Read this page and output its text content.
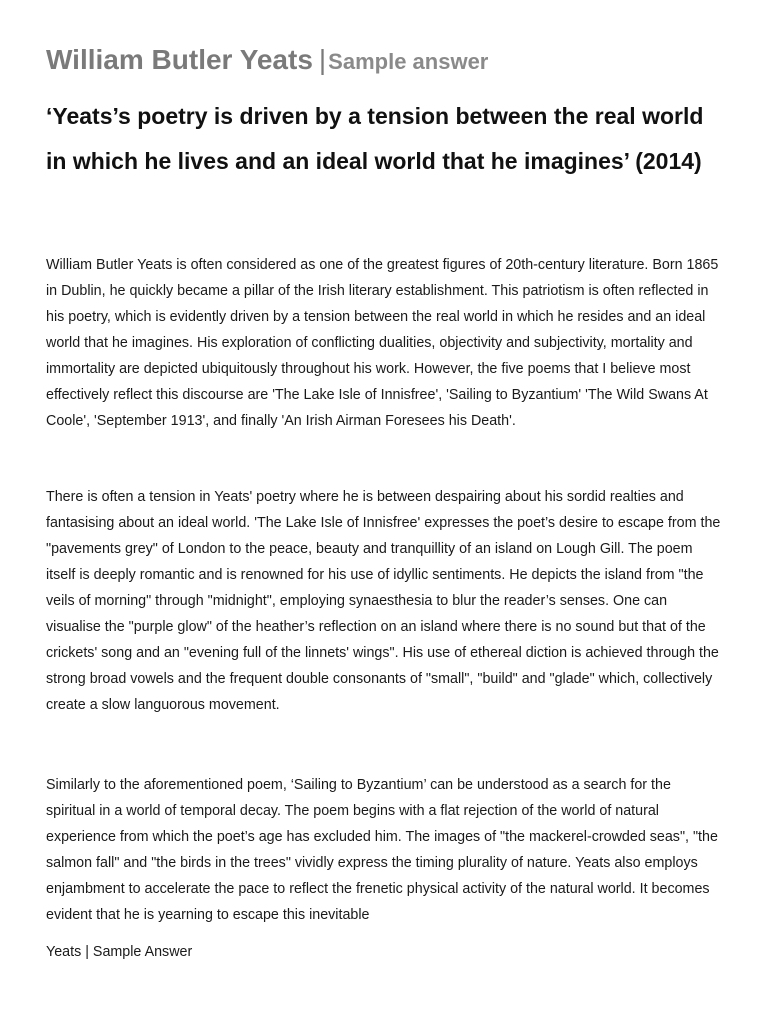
William Butler Yeats |Sample answer
‘Yeats’s poetry is driven by a tension between the real world in which he lives and an ideal world that he imagines’ (2014)
William Butler Yeats is often considered as one of the greatest figures of 20th-century literature. Born 1865 in Dublin, he quickly became a pillar of the Irish literary establishment. This patriotism is often reflected in his poetry, which is evidently driven by a tension between the real world in which he resides and an ideal world that he imagines. His exploration of conflicting dualities, objectivity and subjectivity, mortality and immortality are depicted ubiquitously throughout his work. However, the five poems that I believe most effectively reflect this discourse are 'The Lake Isle of Innisfree', 'Sailing to Byzantium' 'The Wild Swans At Coole', 'September 1913', and finally 'An Irish Airman Foresees his Death'.
There is often a tension in Yeats' poetry where he is between despairing about his sordid realties and fantasising about an ideal world. 'The Lake Isle of Innisfree' expresses the poet’s desire to escape from the "pavements grey" of London to the peace, beauty and tranquillity of an island on Lough Gill. The poem itself is deeply romantic and is renowned for his use of idyllic sentiments. He depicts the island from "the veils of morning" through "midnight", employing synaesthesia to blur the reader’s senses. One can visualise the "purple glow" of the heather’s reflection on an island where there is no sound but that of the crickets' song and an "evening full of the linnets' wings". His use of ethereal diction is achieved through the strong broad vowels and the frequent double consonants of "small", "build" and "glade" which, collectively create a slow languorous movement.
Similarly to the aforementioned poem, ‘Sailing to Byzantium’ can be understood as a search for the spiritual in a world of temporal decay. The poem begins with a flat rejection of the world of natural experience from which the poet’s age has excluded him. The images of "the mackerel-crowded seas", "the salmon fall" and "the birds in the trees" vividly express the timing plurality of nature. Yeats also employs enjambment to accelerate the pace to reflect the frenetic physical activity of the natural world. It becomes evident that he is yearning to escape this inevitable
Yeats | Sample Answer
